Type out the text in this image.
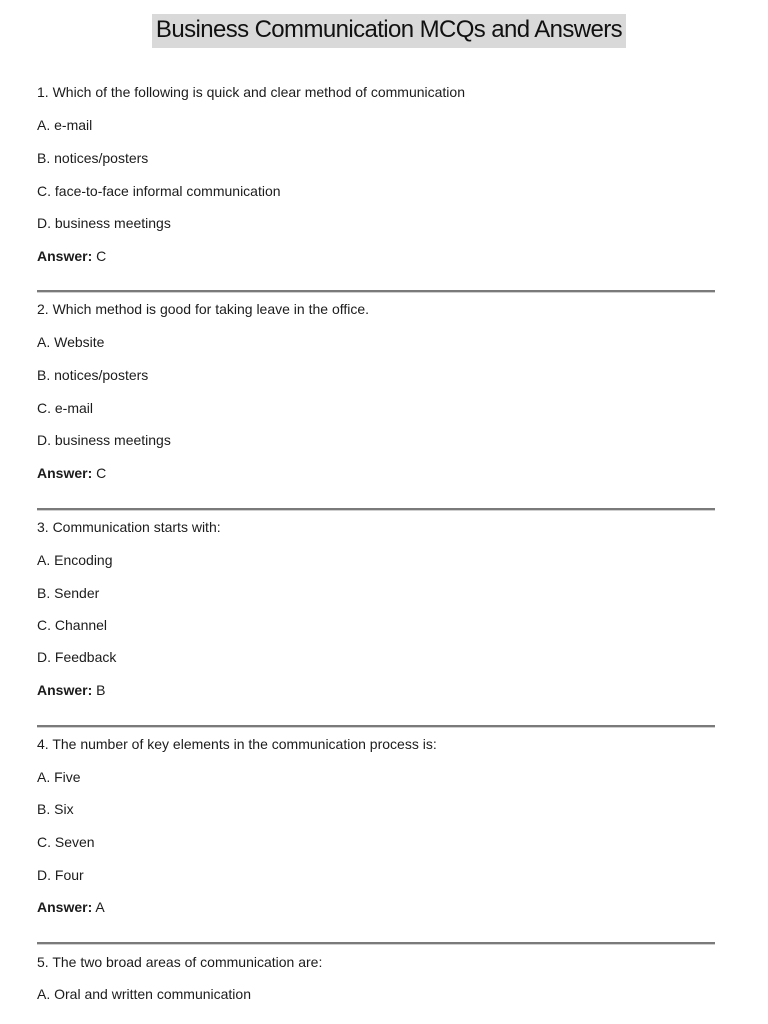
Business Communication MCQs and Answers
1. Which of the following is quick and clear method of communication
A. e-mail
B. notices/posters
C. face-to-face informal communication
D. business meetings
Answer: C
2. Which method is good for taking leave in the office.
A. Website
B. notices/posters
C. e-mail
D. business meetings
Answer: C
3. Communication starts with:
A. Encoding
B. Sender
C. Channel
D. Feedback
Answer: B
4. The number of key elements in the communication process is:
A. Five
B. Six
C. Seven
D. Four
Answer: A
5. The two broad areas of communication are:
A. Oral and written communication
